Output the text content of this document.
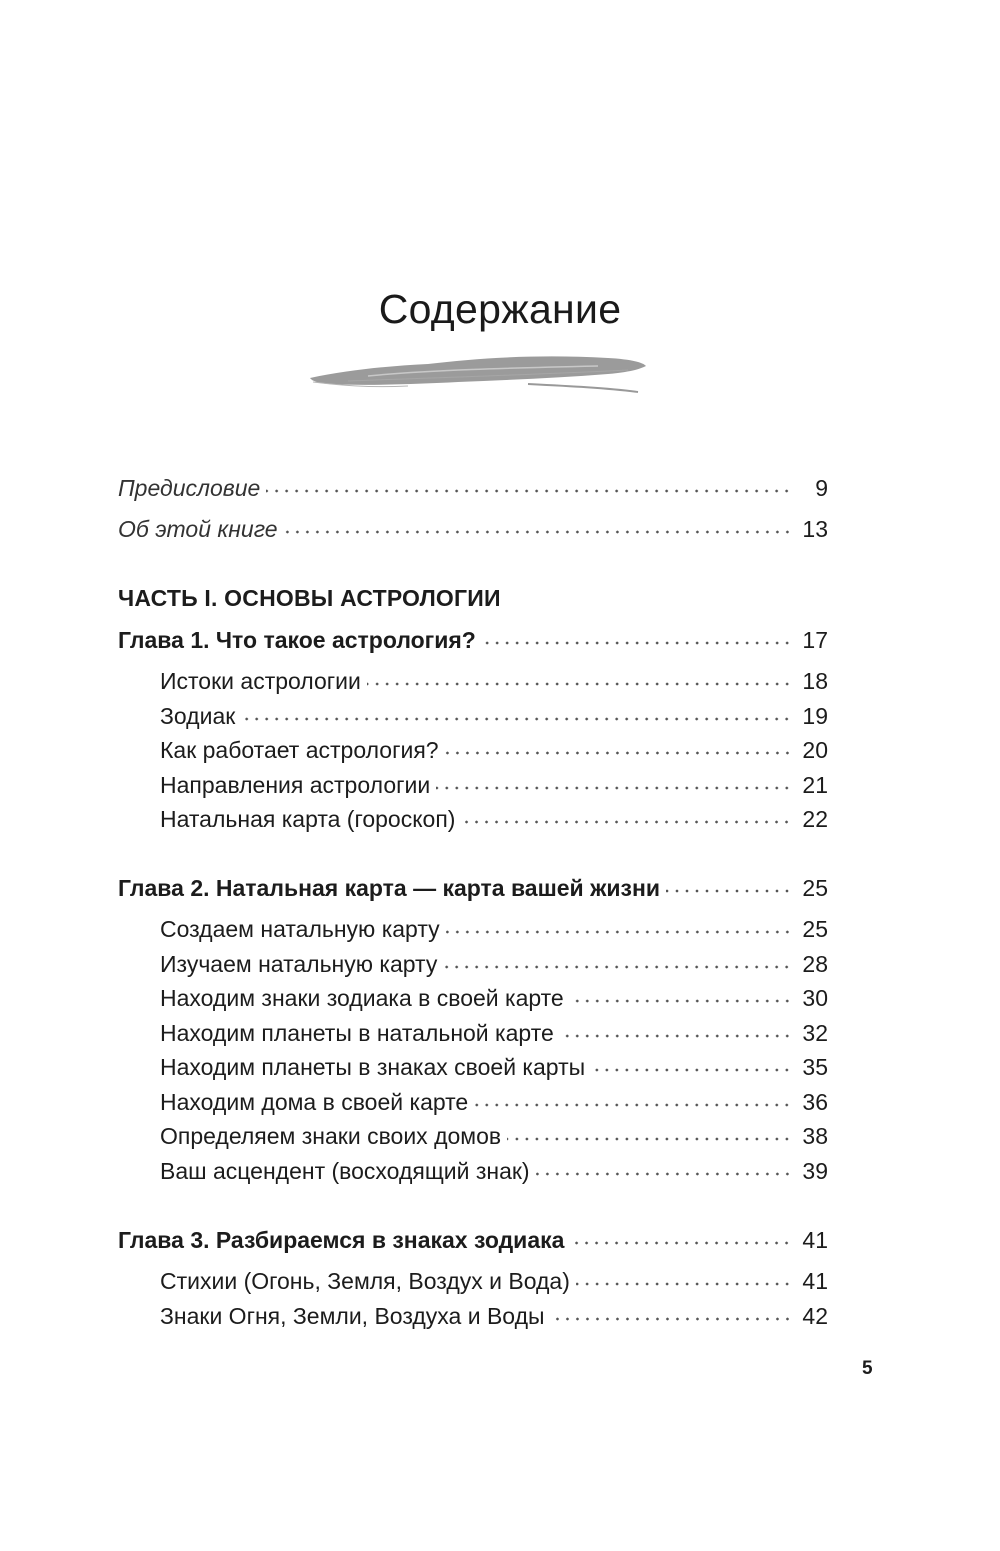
Содержание
Предисловие	9
Об этой книге	13
ЧАСТЬ I. ОСНОВЫ АСТРОЛОГИИ
Глава 1. Что такое астрология?	17
Истоки астрологии	18
Зодиак	19
Как работает астрология?	20
Направления астрологии	21
Натальная карта (гороскоп)	22
Глава 2. Натальная карта — карта вашей жизни	25
Создаем натальную карту	25
Изучаем натальную карту	28
Находим знаки зодиака в своей карте	30
Находим планеты в натальной карте	32
Находим планеты в знаках своей карты	35
Находим дома в своей карте	36
Определяем знаки своих домов	38
Ваш асцендент (восходящий знак)	39
Глава 3. Разбираемся в знаках зодиака	41
Стихии (Огонь, Земля, Воздух и Вода)	41
Знаки Огня, Земли, Воздуха и Воды	42
5
